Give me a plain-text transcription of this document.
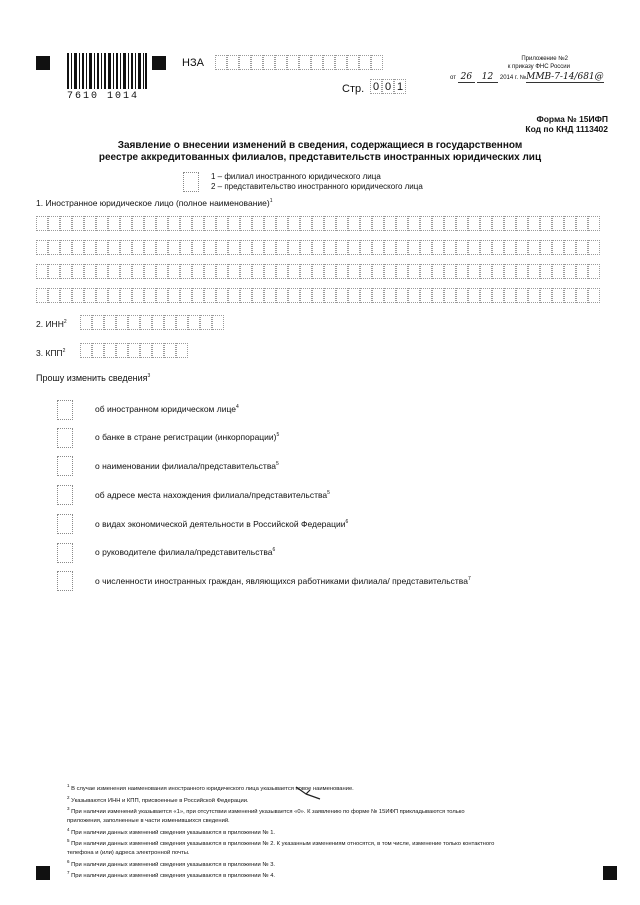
7610 1014
НЗА
Стр. 0 0 1
Приложение №2
к приказу ФНС России
от 26 12 2014 г. №ММВ-7-14/681@
Форма № 15ИФП
Код по КНД 1113402
Заявление о внесении изменений в сведения, содержащиеся в государственном
реестре аккредитованных филиалов, представительств иностранных юридических лиц
1 – филиал иностранного юридического лица
2 – представительство иностранного юридического лица
1. Иностранное юридическое лицо (полное наименование)$^1$
2. ИНН$^2$
3. КПП$^2$
Прошу изменить сведения$^3$
об иностранном юридическом лице$^4$
о банке в стране регистрации (инкорпорации)$^5$
о наименовании филиала/представительства$^5$
об адресе места нахождения филиала/представительства$^5$
о видах экономической деятельности в Российской Федерации$^6$
о руководителе филиала/представительства$^6$
о численности иностранных граждан, являющихся работниками филиала/ представительства$^7$
$^1$ В случае изменения наименования иностранного юридического лица указывается новое наименование.
$^2$ Указываются ИНН и КПП, присвоенные в Российской Федерации.
$^3$ При наличии изменений указывается «1», при отсутствии изменений указывается «0». К заявлению по форме № 15ИФП прикладываются только
приложения, заполненные в части изменившихся сведений.
$^4$ При наличии данных изменений сведения указываются в приложении № 1.
$^5$ При наличии данных изменений сведения указываются в приложении № 2. К указанным изменениям относятся, в том числе, изменение только контактного
телефона и (или) адреса электронной почты.
$^6$ При наличии данных изменений сведения указываются в приложении № 3.
$^7$ При наличии данных изменений сведения указываются в приложении № 4.
